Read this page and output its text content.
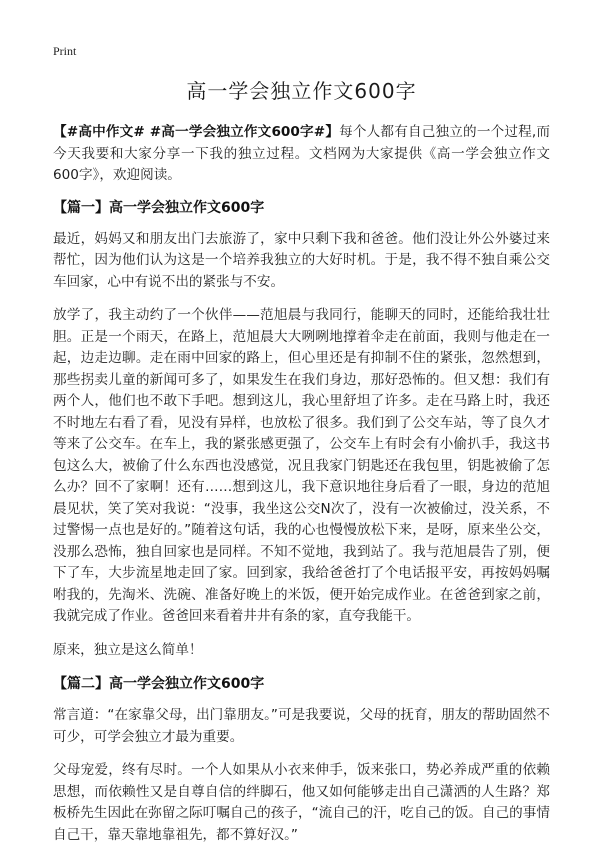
Print
高一学会独立作文600字

【#高中作文# #高一学会独立作文600字#】每个人都有自己独立的一个过程,而今天我要和大家分享一下我的独立过程。文档网为大家提供《高一学会独立作文600字》，欢迎阅读。

【篇一】高一学会独立作文600字

最近，妈妈又和朋友出门去旅游了，家中只剩下我和爸爸。他们没让外公外婆过来帮忙，因为他们认为这是一个培养我独立的大好时机。于是，我不得不独自乘公交车回家，心中有说不出的紧张与不安。

放学了，我主动约了一个伙伴——范旭晨与我同行，能聊天的同时，还能给我壮壮胆。正是一个雨天，在路上，范旭晨大大咧咧地撑着伞走在前面，我则与他走在一起，边走边聊。走在雨中回家的路上，但心里还是有抑制不住的紧张，忽然想到，那些拐卖儿童的新闻可多了，如果发生在我们身边，那好恐怖的。但又想：我们有两个人，他们也不敢下手吧。想到这儿，我心里舒坦了许多。走在马路上时，我还不时地左右看了看，见没有异样，也放松了很多。我们到了公交车站，等了良久才等来了公交车。在车上，我的紧张感更强了，公交车上有时会有小偷扒手，我这书包这么大，被偷了什么东西也没感觉，况且我家门钥匙还在我包里，钥匙被偷了怎么办？回不了家啊！还有……想到这儿，我下意识地往身后看了一眼，身边的范旭晨见状，笑了笑对我说：“没事，我坐这公交N次了，没有一次被偷过，没关系，不过警惕一点也是好的。”随着这句话，我的心也慢慢放松下来，是呀，原来坐公交，没那么恐怖，独自回家也是同样。不知不觉地，我到站了。我与范旭晨告了别，便下了车，大步流星地走回了家。回到家，我给爸爸打了个电话报平安，再按妈妈嘱咐我的，先淘米、洗碗、准备好晚上的米饭，便开始完成作业。在爸爸到家之前，我就完成了作业。爸爸回来看着井井有条的家，直夸我能干。

原来，独立是这么简单！

【篇二】高一学会独立作文600字

常言道：“在家靠父母，出门靠朋友。”可是我要说，父母的抚育，朋友的帮助固然不可少，可学会独立才最为重要。

父母宠爱，终有尽时。一个人如果从小衣来伸手，饭来张口，势必养成严重的依赖思想，而依赖性又是自尊自信的绊脚石，他又如何能够走出自己潇洒的人生路？郑板桥先生因此在弥留之际叮嘱自己的孩子，“流自己的汗，吃自己的饭。自己的事情自己干，靠天靠地靠祖先，都不算好汉。”
